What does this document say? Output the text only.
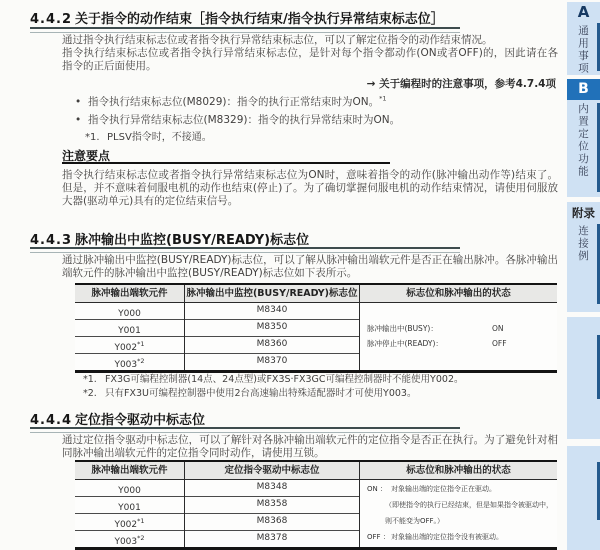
4.4.2 关于指令的动作结束［指令执行结束/指令执行异常结束标志位］
通过指令执行结束标志位或者指令执行异常结束标志位，可以了解定位指令的动作结束情况。
指令执行结束标志位或者指令执行异常结束标志位，是针对每个指令都动作(ON或者OFF)的，因此请在各指令的正后面使用。
→ 关于编程时的注意事项，参考4.7.4项
• 指令执行结束标志位(M8029)：指令的执行正常结束时为ON。$^{*1}$
• 指令执行异常结束标志位(M8329)：指令的执行异常结束时为ON。
*1. PLSV指令时，不接通。
注意要点
指令执行结束标志位或者指令执行异常结束标志位为ON时，意味着指令的动作(脉冲输出动作等)结束了。但是，并不意味着伺服电机的动作也结束(停止)了。为了确切掌握伺服电机的动作结束情况，请使用伺服放大器(驱动单元)具有的定位结束信号。
4.4.3 脉冲输出中监控(BUSY/READY)标志位
通过脉冲输出中监控(BUSY/READY)标志位，可以了解从脉冲输出端软元件是否正在输出脉冲。各脉冲输出端软元件的脉冲输出中监控(BUSY/READY)标志位如下表所示。
脉冲输出端软元件	脉冲输出中监控(BUSY/READY)标志位	标志位和脉冲输出的状态
脉冲输出中(BUSY)：	ON
脉冲停止中(READY)：	OFF
Y000	M8340
Y001	M8350
Y002$^{*1}$	M8360
Y003$^{*2}$	M8370
*1. FX3G可编程控制器(14点、24点型)或FX3S·FX3GC可编程控制器时不能使用Y002。
*2. 只有FX3U可编程控制器中使用2台高速输出特殊适配器时才可使用Y003。
4.4.4 定位指令驱动中标志位
通过定位指令驱动中标志位，可以了解针对各脉冲输出端软元件的定位指令是否正在执行。为了避免针对相同脉冲输出端软元件的定位指令同时动作，请使用互锁。
脉冲输出端软元件	定位指令驱动中标志位	标志位和脉冲输出的状态
ON ： 对象输出端的定位指令正在驱动。
（即使指令的执行已经结束，但是如果指令被驱动中，
则不能变为OFF。）
OFF ：对象输出端的定位指令没有被驱动。
Y000	M8348
Y001	M8358
Y002$^{*1}$	M8368
Y003$^{*2}$	M8378
A
通用事项
B
内置定位功能
附录
连接例
